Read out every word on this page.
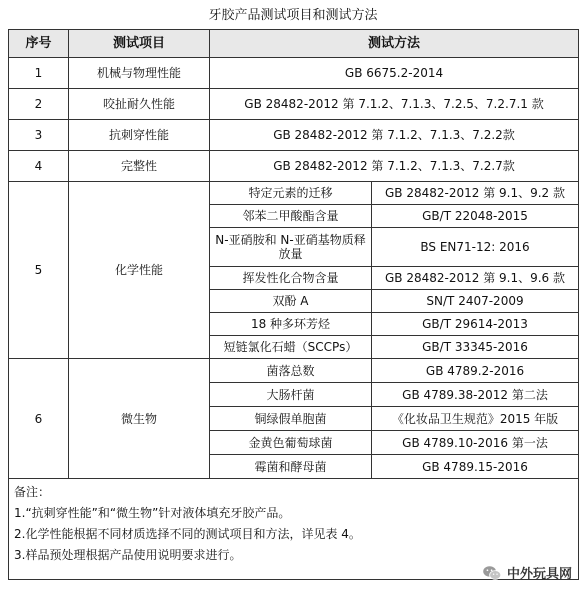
牙胶产品测试项目和测试方法
序号	测试项目	测试方法	
1	机械与物理性能	GB 6675.2-2014	
2	咬扯耐久性能	GB 28482-2012 第 7.1.2、7.1.3、7.2.5、7.2.7.1 款	
3	抗刺穿性能	GB 28482-2012 第 7.1.2、7.1.3、7.2.2款	
4	完整性	GB 28482-2012 第 7.1.2、7.1.3、7.2.7款	
5	化学性能	特定元素的迁移	GB 28482-2012 第 9.1、9.2 款
		邻苯二甲酸酯含量	GB/T 22048-2015
		N-亚硝胺和 N-亚硝基物质释放量	BS EN71-12: 2016
		挥发性化合物含量	GB 28482-2012 第 9.1、9.6 款
		双酚 A	SN/T 2407-2009
		18 种多环芳烃	GB/T 29614-2013
		短链氯化石蜡（SCCPs）	GB/T 33345-2016
6	微生物	菌落总数	GB 4789.2-2016
		大肠杆菌	GB 4789.38-2012 第二法
		铜绿假单胞菌	《化妆品卫生规范》2015 年版
		金黄色葡萄球菌	GB 4789.10-2016 第一法
		霉菌和酵母菌	GB 4789.15-2016

备注：
1.“抗刺穿性能”和“微生物”针对液体填充牙胶产品。
2.化学性能根据不同材质选择不同的测试项目和方法，详见表 4。
3.样品预处理根据产品使用说明要求进行。			
中外玩具网
